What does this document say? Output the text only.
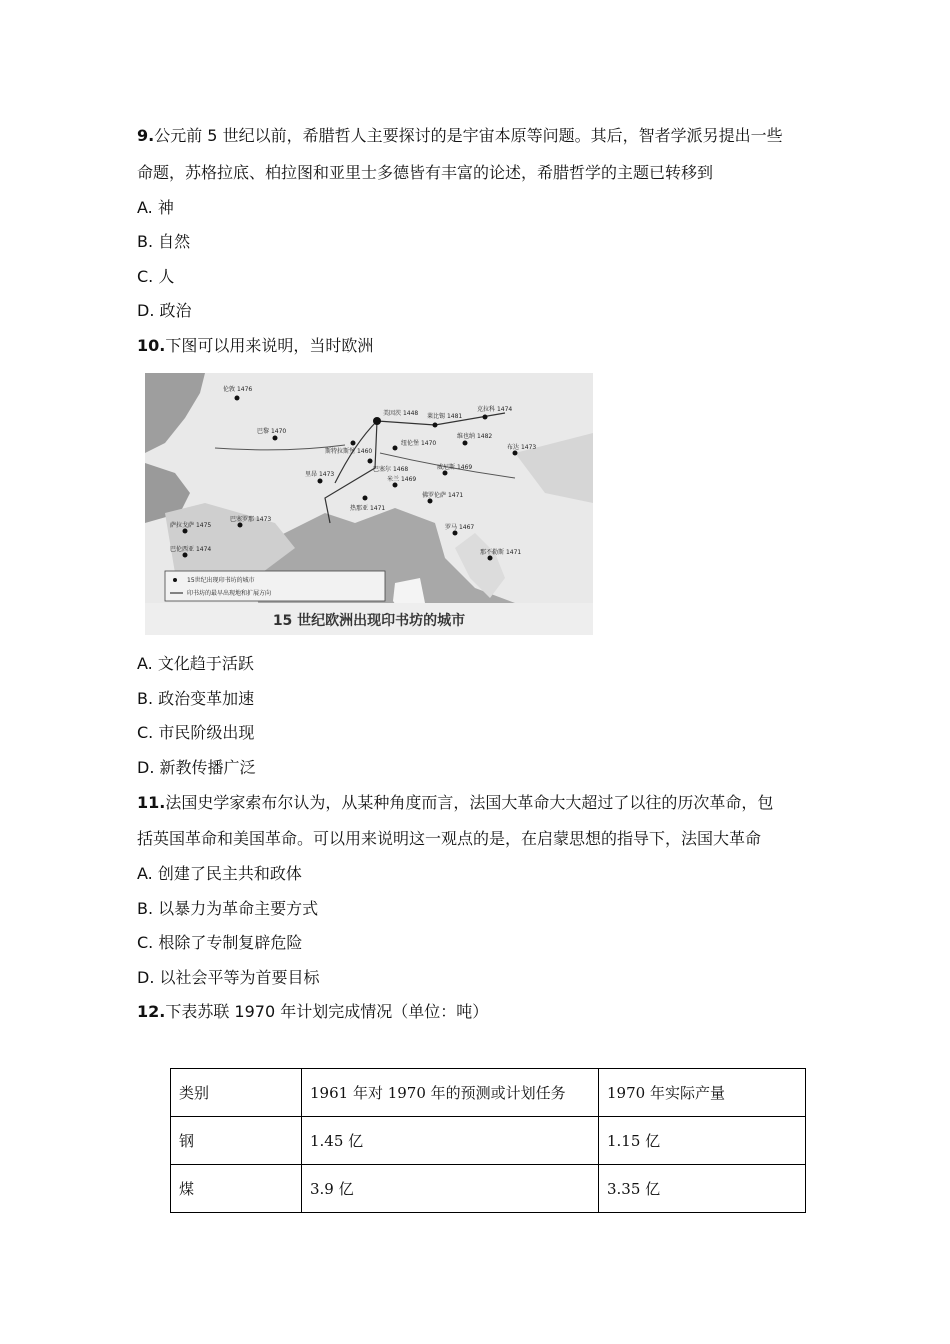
9.公元前 5 世纪以前，希腊哲人主要探讨的是宇宙本原等问题。其后，智者学派另提出一些
命题，苏格拉底、柏拉图和亚里士多德皆有丰富的论述，希腊哲学的主题已转移到
A. 神
B. 自然
C. 人
D. 政治
10.下图可以用来说明，当时欧洲
伦敦 1476
巴黎 1470
里昂 1473
美因茨 1448
纽伦堡 1470
巴塞尔 1468
斯特拉斯堡 1460
莱比锡 1481
克拉科 1474
维也纳 1482
布达 1473
威尼斯 1469
米兰 1469
热那亚 1471
佛罗伦萨 1471
罗马 1467
那不勒斯 1471
巴塞罗那 1473
萨拉戈萨 1475
巴伦西亚 1474
15世纪出现印书坊的城市
印书坊的最早出现地和扩展方向
15 世纪欧洲出现印书坊的城市
A. 文化趋于活跃
B. 政治变革加速
C. 市民阶级出现
D. 新教传播广泛
11.法国史学家索布尔认为，从某种角度而言，法国大革命大大超过了以往的历次革命，包
括英国革命和美国革命。可以用来说明这一观点的是，在启蒙思想的指导下，法国大革命
A. 创建了民主共和政体
B. 以暴力为革命主要方式
C. 根除了专制复辟危险
D. 以社会平等为首要目标
12.下表苏联 1970 年计划完成情况（单位：吨）
类别	1961 年对 1970 年的预测或计划任务	1970 年实际产量
钢	1.45 亿	1.15 亿
煤	3.9 亿	3.35 亿
